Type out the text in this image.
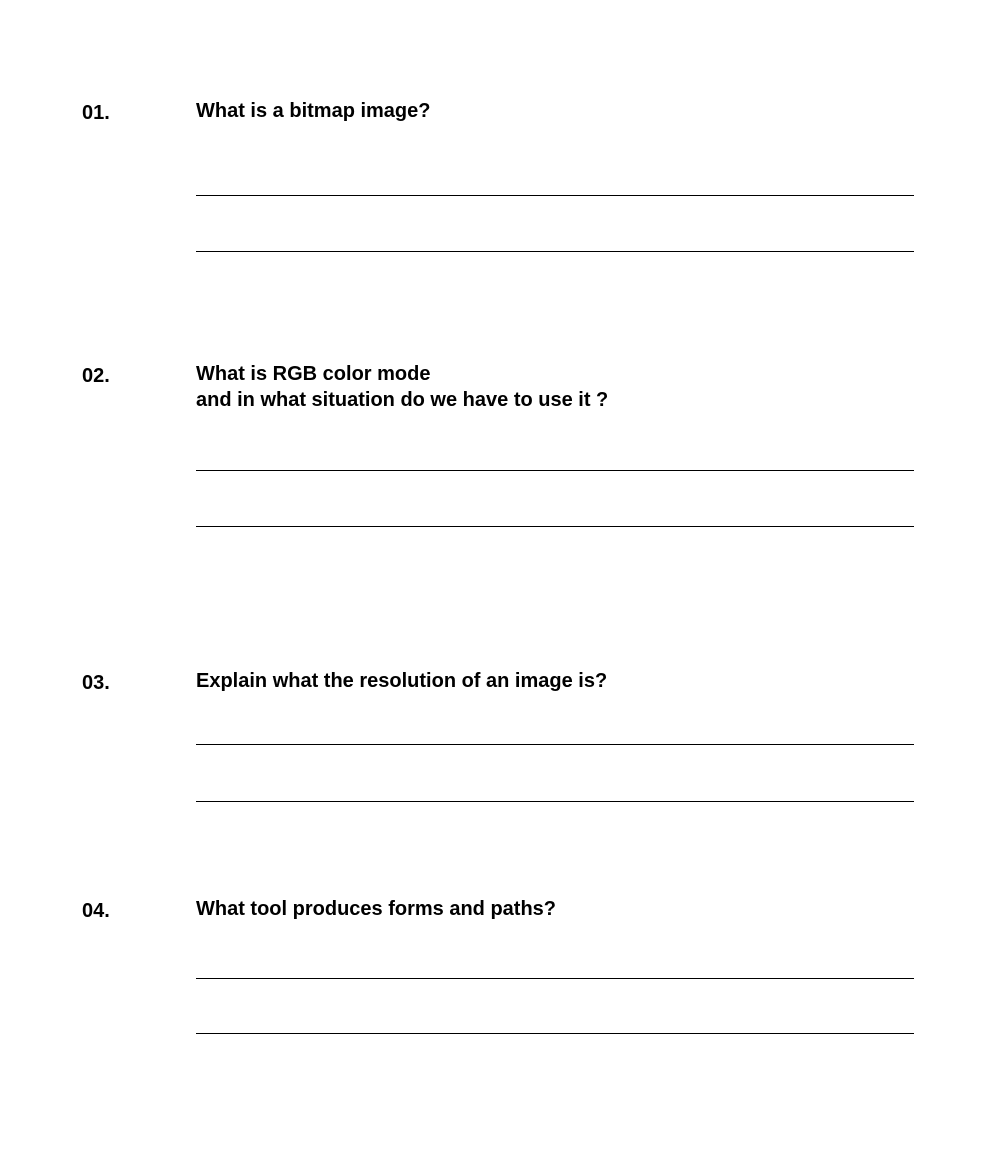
01.	What is a bitmap image?

02.	What is RGB color mode
and in what situation do we have to use it ?

03.	Explain what the resolution of an image is?

04.	What tool produces forms and paths?
